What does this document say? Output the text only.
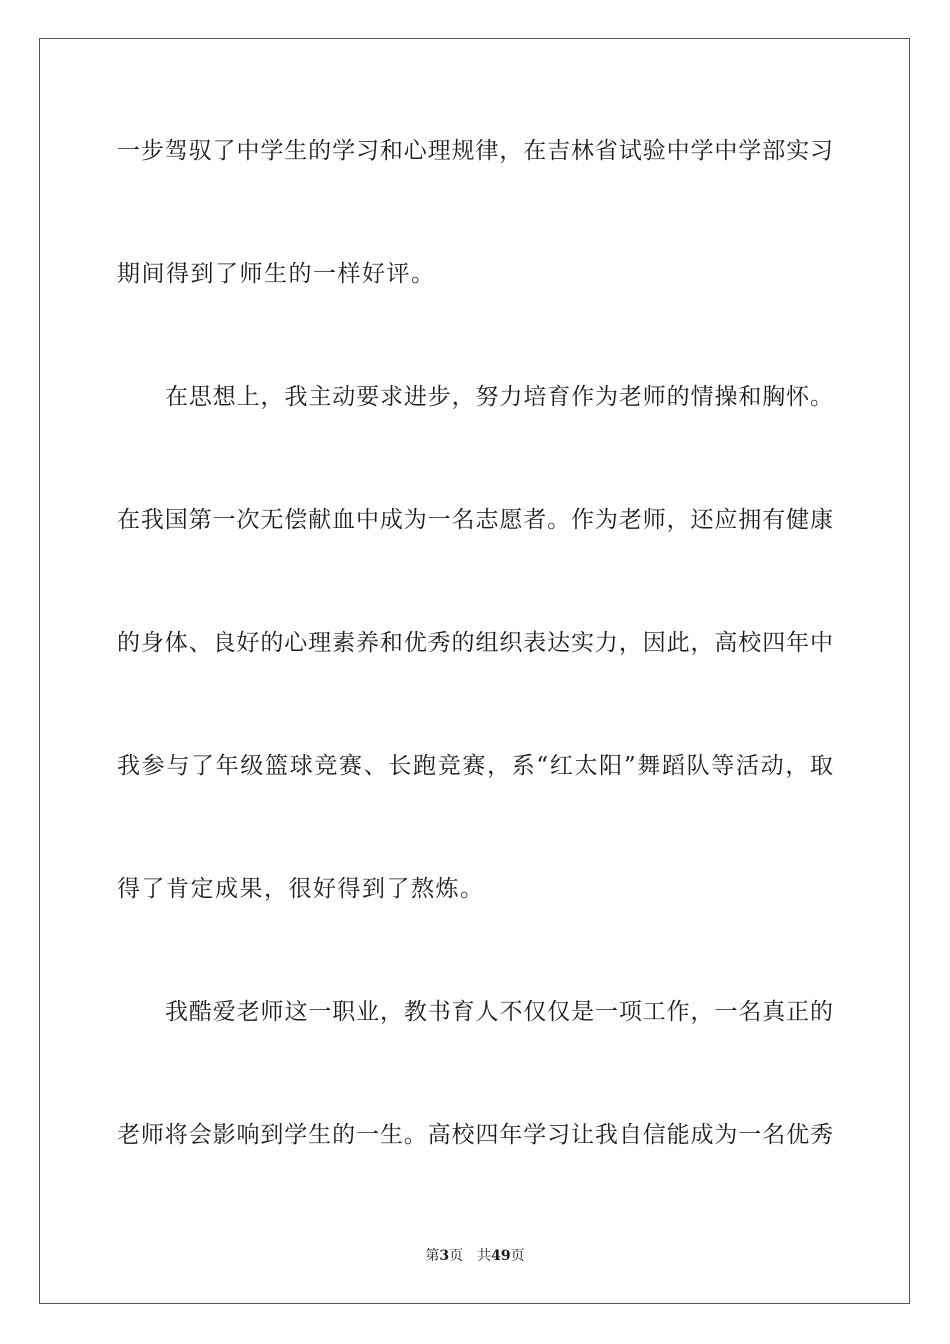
一步驾驭了中学生的学习和心理规律，在吉林省试验中学中学部实习
期间得到了师生的一样好评。
在思想上，我主动要求进步，努力培育作为老师的情操和胸怀。
在我国第一次无偿献血中成为一名志愿者。作为老师，还应拥有健康
的身体、良好的心理素养和优秀的组织表达实力，因此，高校四年中
我参与了年级篮球竞赛、长跑竞赛，系“红太阳”舞蹈队等活动，取
得了肯定成果，很好得到了熬炼。
我酷爱老师这一职业，教书育人不仅仅是一项工作，一名真正的
老师将会影响到学生的一生。高校四年学习让我自信能成为一名优秀
第3页 共49页
